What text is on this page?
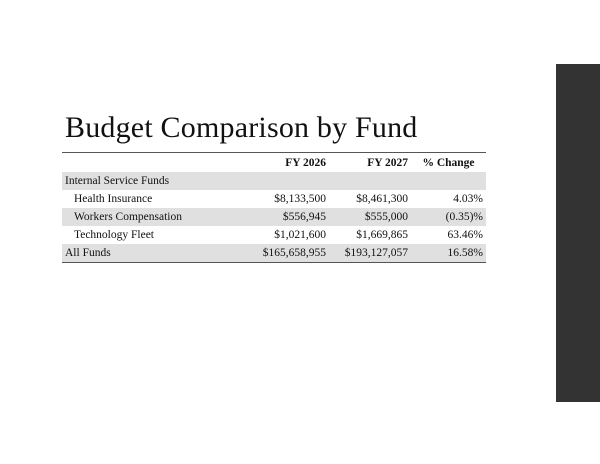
Budget Comparison by Fund
	FY 2026	FY 2027	% Change
Internal Service Funds			
Health Insurance	$8,133,500	$8,461,300	4.03%
Workers Compensation	$556,945	$555,000	(0.35)%
Technology Fleet	$1,021,600	$1,669,865	63.46%
All Funds	$165,658,955	$193,127,057	16.58%
